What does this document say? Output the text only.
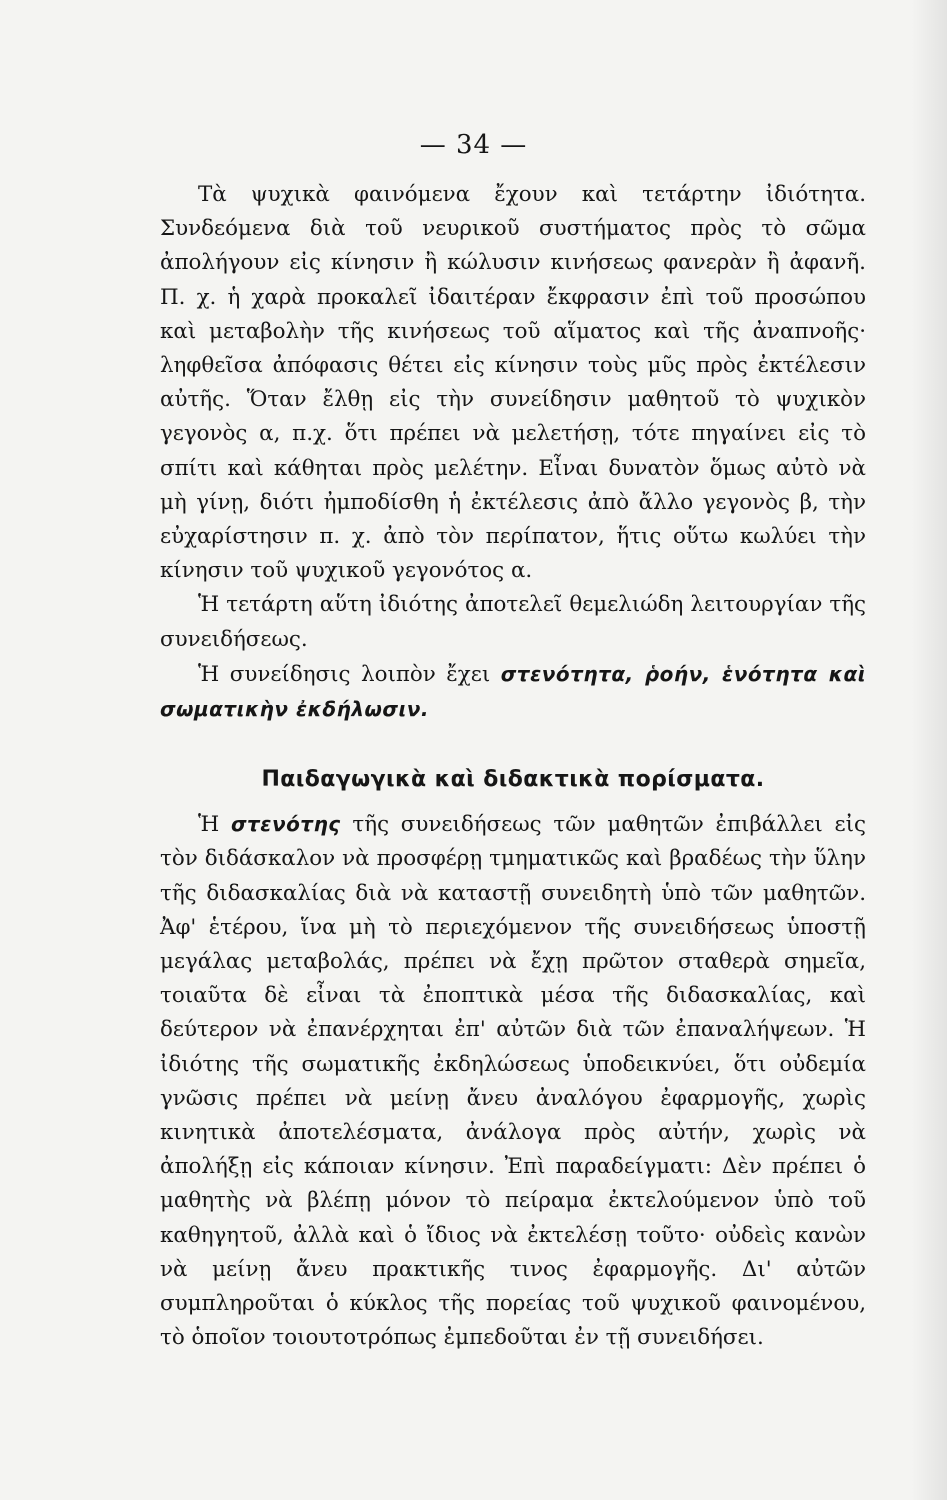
— 34 —

Τὰ ψυχικὰ φαινόμενα ἔχουν καὶ τετάρτην ἰδιότητα. Συνδεόμενα διὰ τοῦ νευρικοῦ συστήματος πρὸς τὸ σῶμα ἀπολήγουν εἰς κίνησιν ἢ κώλυσιν κινήσεως φανερὰν ἢ ἀφανῆ. Π. χ. ἡ χαρὰ προκαλεῖ ἰδαιτέραν ἔκφρασιν ἐπὶ τοῦ προσώπου καὶ μεταβολὴν τῆς κινήσεως τοῦ αἵματος καὶ τῆς ἀναπνοῆς· ληφθεῖσα ἀπόφασις θέτει εἰς κίνησιν τοὺς μῦς πρὸς ἐκτέλεσιν αὐτῆς. Ὅταν ἔλθῃ εἰς τὴν συνείδησιν μαθητοῦ τὸ ψυχικὸν γεγονὸς α, π.χ. ὅτι πρέπει νὰ μελετήσῃ, τότε πηγαίνει εἰς τὸ σπίτι καὶ κάθηται πρὸς μελέτην. Εἶναι δυνατὸν ὅμως αὐτὸ νὰ μὴ γίνῃ, διότι ἠμποδίσθη ἡ ἐκτέλεσις ἀπὸ ἄλλο γεγονὸς β, τὴν εὐχαρίστησιν π. χ. ἀπὸ τὸν περίπατον, ἥτις οὕτω κωλύει τὴν κίνησιν τοῦ ψυχικοῦ γεγονότος α.

Ἡ τετάρτη αὕτη ἰδιότης ἀποτελεῖ θεμελιώδη λειτουργίαν τῆς συνειδήσεως.

Ἡ συνείδησις λοιπὸν ἔχει στενότητα, ῥοήν, ἑνότητα καὶ σωματικὴν ἐκδήλωσιν.

Παιδαγωγικὰ καὶ διδακτικὰ πορίσματα.

Ἡ στενότης τῆς συνειδήσεως τῶν μαθητῶν ἐπιβάλλει εἰς τὸν διδάσκαλον νὰ προσφέρῃ τμηματικῶς καὶ βραδέως τὴν ὕλην τῆς διδασκαλίας διὰ νὰ καταστῇ συνειδητὴ ὑπὸ τῶν μαθητῶν. Ἀφ' ἑτέρου, ἵνα μὴ τὸ περιεχόμενον τῆς συνειδήσεως ὑποστῇ μεγάλας μεταβολάς, πρέπει νὰ ἔχῃ πρῶτον σταθερὰ σημεῖα, τοιαῦτα δὲ εἶναι τὰ ἐποπτικὰ μέσα τῆς διδασκαλίας, καὶ δεύτερον νὰ ἐπανέρχηται ἐπ' αὐτῶν διὰ τῶν ἐπαναλήψεων. Ἡ ἰδιότης τῆς σωματικῆς ἐκδηλώσεως ὑποδεικνύει, ὅτι οὐδεμία γνῶσις πρέπει νὰ μείνῃ ἄνευ ἀναλόγου ἐφαρμογῆς, χωρὶς κινητικὰ ἀποτελέσματα, ἀνάλογα πρὸς αὐτήν, χωρὶς νὰ ἀπολήξῃ εἰς κάποιαν κίνησιν. Ἐπὶ παραδείγματι: Δὲν πρέπει ὁ μαθητὴς νὰ βλέπῃ μόνον τὸ πείραμα ἐκτελούμενον ὑπὸ τοῦ καθηγητοῦ, ἀλλὰ καὶ ὁ ἴδιος νὰ ἐκτελέσῃ τοῦτο· οὐδεὶς κανὼν νὰ μείνῃ ἄνευ πρακτικῆς τινος ἐφαρμογῆς. Δι' αὐτῶν συμπληροῦται ὁ κύκλος τῆς πορείας τοῦ ψυχικοῦ φαινομένου, τὸ ὁποῖον τοιουτοτρόπως ἐμπεδοῦται ἐν τῇ συνειδήσει.
